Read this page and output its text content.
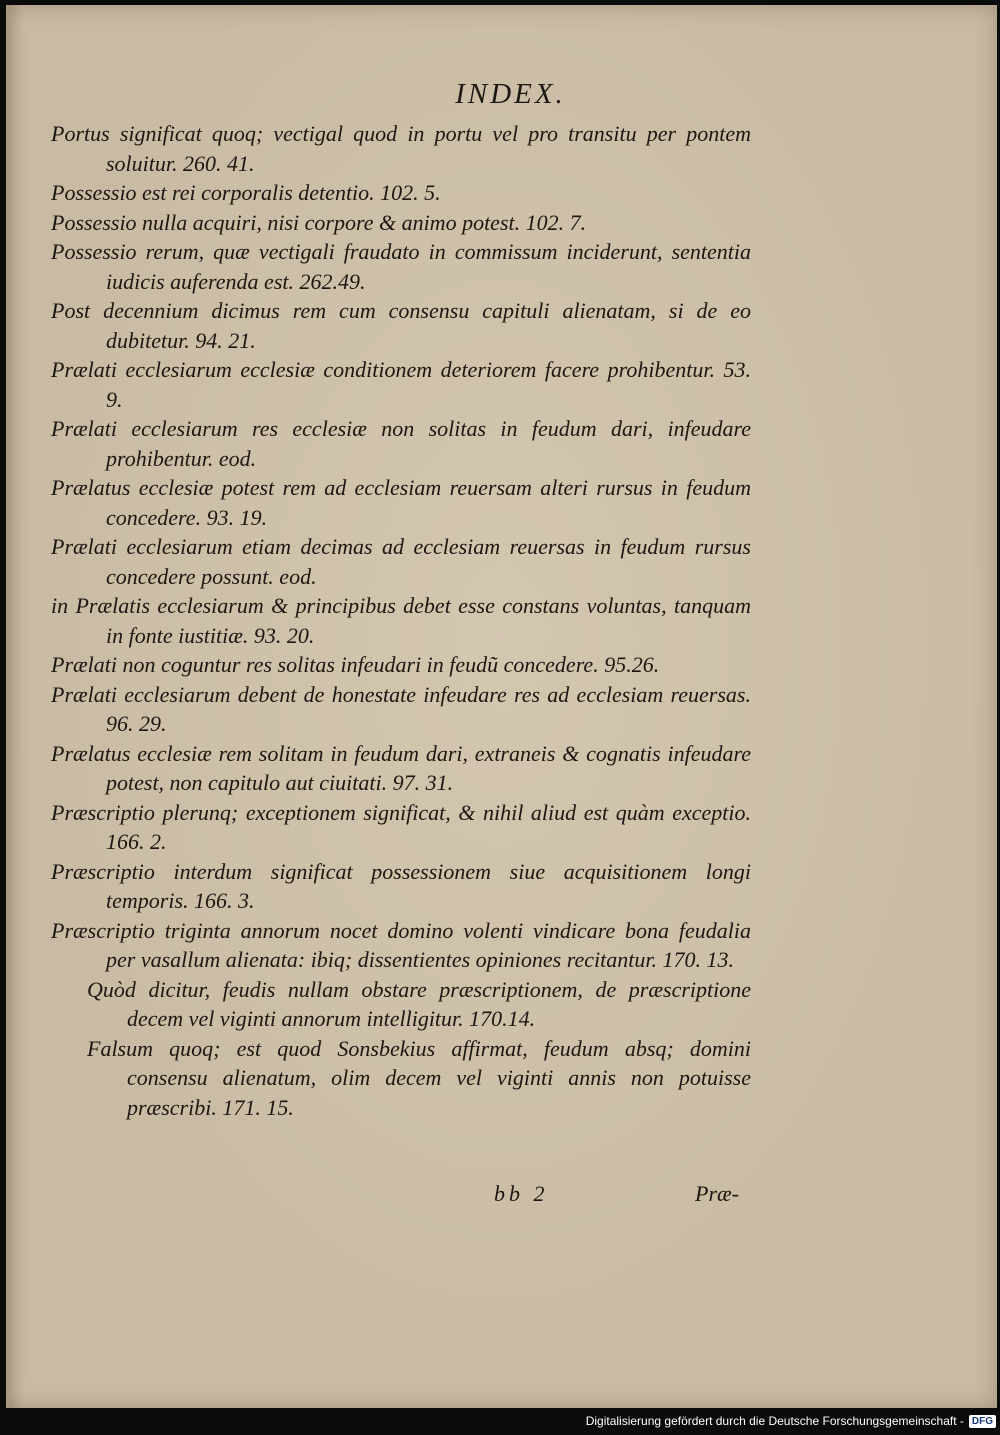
INDEX.

Portus significat quoq; vectigal quod in portu vel pro transitu per pontem soluitur. 260. 41.

Possessio est rei corporalis detentio. 102. 5.

Possessio nulla acquiri, nisi corpore & animo potest. 102. 7.

Possessio rerum, quæ vectigali fraudato in commissum inciderunt, sententia iudicis auferenda est. 262.49.

Post decennium dicimus rem cum consensu capituli alienatam, si de eo dubitetur. 94. 21.

Prælati ecclesiarum ecclesiæ conditionem deteriorem facere prohibentur. 53. 9.

Prælati ecclesiarum res ecclesiæ non solitas in feudum dari, infeudare prohibentur. eod.

Prælatus ecclesiæ potest rem ad ecclesiam reuersam alteri rursus in feudum concedere. 93. 19.

Prælati ecclesiarum etiam decimas ad ecclesiam reuersas in feudum rursus concedere possunt. eod.

in Prælatis ecclesiarum & principibus debet esse constans voluntas, tanquam in fonte iustitiæ. 93. 20.

Prælati non coguntur res solitas infeudari in feudũ concedere. 95.26.

Prælati ecclesiarum debent de honestate infeudare res ad ecclesiam reuersas. 96. 29.

Prælatus ecclesiæ rem solitam in feudum dari, extraneis & cognatis infeudare potest, non capitulo aut ciuitati. 97. 31.

Præscriptio plerunq; exceptionem significat, & nihil aliud est quàm exceptio. 166. 2.

Præscriptio interdum significat possessionem siue acquisitionem longi temporis. 166. 3.

Præscriptio triginta annorum nocet domino volenti vindicare bona feudalia per vasallum alienata: ibiq; dissentientes opiniones recitantur. 170. 13.

Quòd dicitur, feudis nullam obstare præscriptionem, de præscriptione decem vel viginti annorum intelligitur. 170.14.

Falsum quoq; est quod Sonsbekius affirmat, feudum absq; domini consensu alienatum, olim decem vel viginti annis non potuisse præscribi. 171. 15.

bb 2	Præ-
Digitalisierung gefördert durch die Deutsche Forschungsgemeinschaft - DFG
